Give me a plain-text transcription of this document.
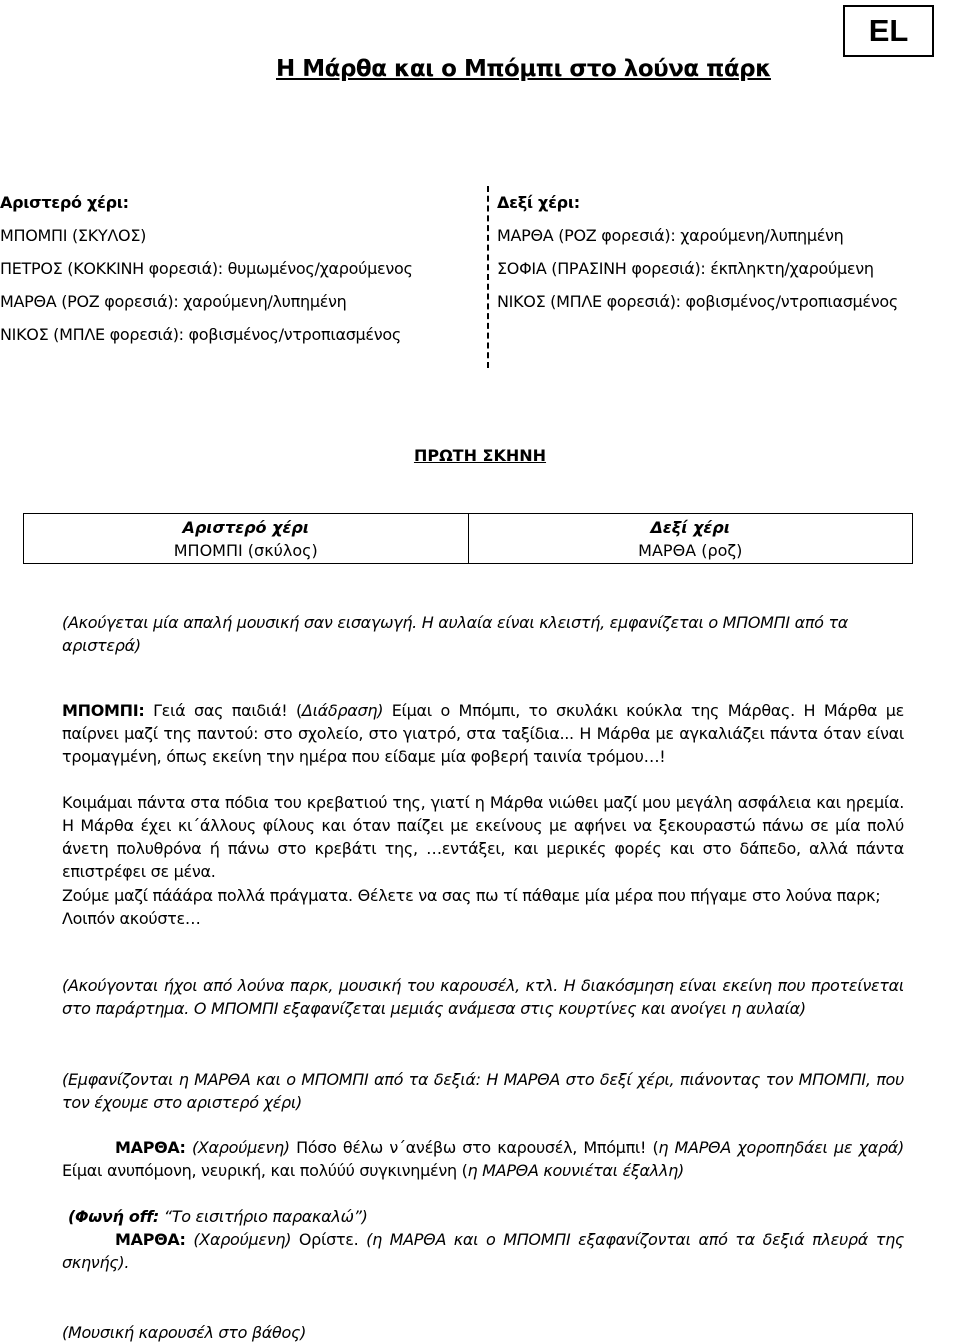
EL
Η Μάρθα και ο Μπόμπι στο λούνα πάρκ
Αριστερό χέρι:
ΜΠΟΜΠΙ (ΣΚΥΛΟΣ)
ΠΕΤΡΟΣ (ΚΟΚΚΙΝΗ φορεσιά): θυμωμένος/χαρούμενος
ΜΑΡΘΑ (ΡΟΖ φορεσιά): χαρούμενη/λυπημένη
ΝΙΚΟΣ (ΜΠΛΕ φορεσιά): φοβισμένος/ντροπιασμένος
Δεξί χέρι:
ΜΑΡΘΑ (ΡΟΖ φορεσιά): χαρούμενη/λυπημένη
ΣΟΦΙΑ (ΠΡΑΣΙΝΗ φορεσιά): έκπληκτη/χαρούμενη
ΝΙΚΟΣ (ΜΠΛΕ φορεσιά): φοβισμένος/ντροπιασμένος
ΠΡΩΤΗ ΣΚΗΝΗ
Αριστερό χέρι
ΜΠΟΜΠΙ (σκύλος)
Δεξί χέρι
ΜΑΡΘΑ (ροζ)
(Ακούγεται μία απαλή μουσική σαν εισαγωγή. Η αυλαία είναι κλειστή, εμφανίζεται ο ΜΠΟΜΠΙ από τα αριστερά)
ΜΠΟΜΠΙ: Γειά σας παιδιά! (Διάδραση) Είμαι ο Μπόμπι, το σκυλάκι κούκλα της Μάρθας. Η Μάρθα με παίρνει μαζί της παντού: στο σχολείο, στο γιατρό, στα ταξίδια... Η Μάρθα με αγκαλιάζει πάντα όταν είναι τρομαγμένη, όπως εκείνη την ημέρα που είδαμε μία φοβερή ταινία τρόμου…!
Κοιμάμαι πάντα στα πόδια του κρεβατιού της, γιατί η Μάρθα νιώθει μαζί μου μεγάλη ασφάλεια και ηρεμία. Η Μάρθα έχει κι΄άλλους φίλους και όταν παίζει με εκείνους με αφήνει να ξεκουραστώ πάνω σε μία πολύ άνετη πολυθρόνα ή πάνω στο κρεβάτι της, …εντάξει, και μερικές φορές και στο δάπεδο, αλλά πάντα επιστρέφει σε μένα.
Ζούμε μαζί πάάάρα πολλά πράγματα. Θέλετε να σας πω τί πάθαμε μία μέρα που πήγαμε στο λούνα παρκ; Λοιπόν ακούστε…
(Ακούγονται ήχοι από λούνα παρκ, μουσική του καρουσέλ, κτλ. Η διακόσμηση είναι εκείνη που προτείνεται στο παράρτημα. Ο ΜΠΟΜΠΙ εξαφανίζεται μεμιάς ανάμεσα στις κουρτίνες και ανοίγει η αυλαία)
(Εμφανίζονται η ΜΑΡΘΑ και ο ΜΠΟΜΠΙ από τα δεξιά: Η ΜΑΡΘΑ στο δεξί χέρι, πιάνοντας τον ΜΠΟΜΠΙ, που τον έχουμε στο αριστερό χέρι)
ΜΑΡΘΑ: (Χαρούμενη) Πόσο θέλω ν΄ανέβω στο καρουσέλ, Μπόμπι! (η ΜΑΡΘΑ χοροπηδάει με χαρά) Είμαι ανυπόμονη, νευρική, και πολύύύ συγκινημένη (η ΜΑΡΘΑ κουνιέται έξαλλη)
(Φωνή off: “Το εισιτήριο παρακαλώ”)
ΜΑΡΘΑ: (Χαρούμενη) Ορίστε. (η ΜΑΡΘΑ και ο ΜΠΟΜΠΙ εξαφανίζονται από τα δεξιά πλευρά της σκηνής).
(Μουσική καρουσέλ στο βάθος)
